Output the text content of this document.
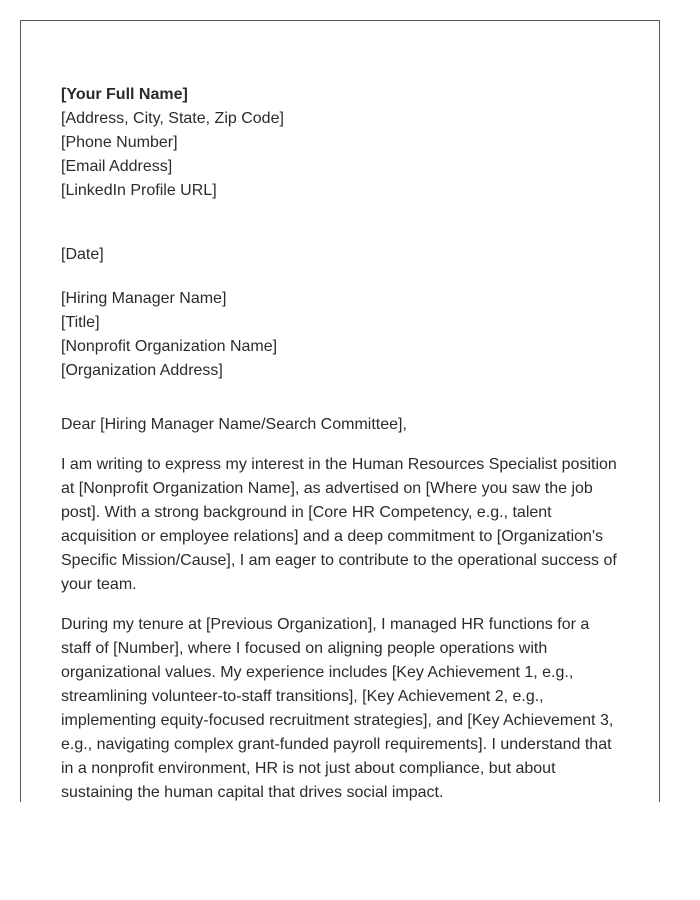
[Your Full Name]
[Address, City, State, Zip Code]
[Phone Number]
[Email Address]
[LinkedIn Profile URL]
[Date]
[Hiring Manager Name]
[Title]
[Nonprofit Organization Name]
[Organization Address]
Dear [Hiring Manager Name/Search Committee],
I am writing to express my interest in the Human Resources Specialist position
at [Nonprofit Organization Name], as advertised on [Where you saw the job
post]. With a strong background in [Core HR Competency, e.g., talent
acquisition or employee relations] and a deep commitment to [Organization's
Specific Mission/Cause], I am eager to contribute to the operational success of
your team.
During my tenure at [Previous Organization], I managed HR functions for a
staff of [Number], where I focused on aligning people operations with
organizational values. My experience includes [Key Achievement 1, e.g.,
streamlining volunteer-to-staff transitions], [Key Achievement 2, e.g.,
implementing equity-focused recruitment strategies], and [Key Achievement 3,
e.g., navigating complex grant-funded payroll requirements]. I understand that
in a nonprofit environment, HR is not just about compliance, but about
sustaining the human capital that drives social impact.
